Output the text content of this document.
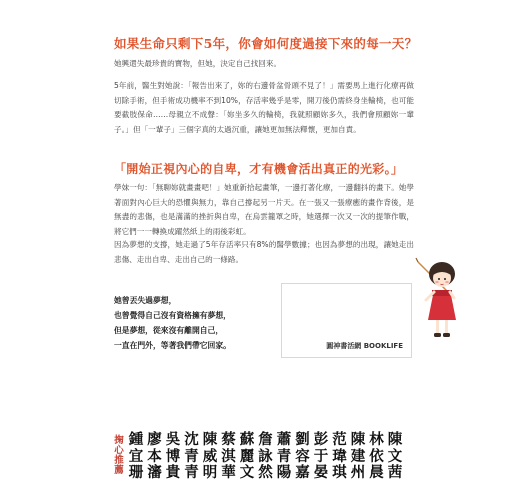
如果生命只剩下5年，你會如何度過接下來的每一天？
她興還失最珍貴的寶物，但她，決定自己找回來。
5年前，醫生對她說：「報告出來了，妳的右邊骨盆骨頭不見了！」需要馬上進行化療再做切除手術，但手術成功機率不到10%，存活率幾乎是零，開刀後仍需終身坐輪椅，也可能要截肢保命……母親立不成聲：「妳坐多久的輪椅，我就照顧妳多久，我們會照顧妳一輩子。」但「一輩子」三個字真的太過沉重，讓她更加無法釋懷，更加自責。
「開始正視內心的自卑，才有機會活出真正的光彩。」
學妹一句：「無聊妳就畫畫吧！」她重新拾起畫筆，一邊打著化療，一邊翻抖的畫下。她學著面對內心巨大的恐懼與無力，靠自己撐起另一片天。在一張又一張療癒的畫作背後，是無盡的悲傷，也是滿滿的挫折與自卑，在烏雲籠罩之時，她選擇一次又一次的提筆作戰，將它們一一轉換成躍然紙上的雨後彩虹。
因為夢想的支撐，她走過了5年存活率只有8%的醫學數據；也因為夢想的出現，讓她走出悲傷、走出自卑、走出自己的一條路。
她曾丟失過夢想，
也曾覺得自己沒有資格擁有夢想，
但是夢想，從來沒有離開自己，
一直在門外，等著我們帶它回家。	圓神書活網 BOOKLIFE
掬
心
推
薦
鍾
宜
珊
廖
本
瀋
吳
博
貴
沈
青
青
陳
威
明
蔡
淇
華
蘇
麗
文
詹
詠
然
蕭
青
陽
劉
容
嘉
彭
于
晏
范
瑋
琪
陳
建
州
林
依
晨
陳
文
茜
